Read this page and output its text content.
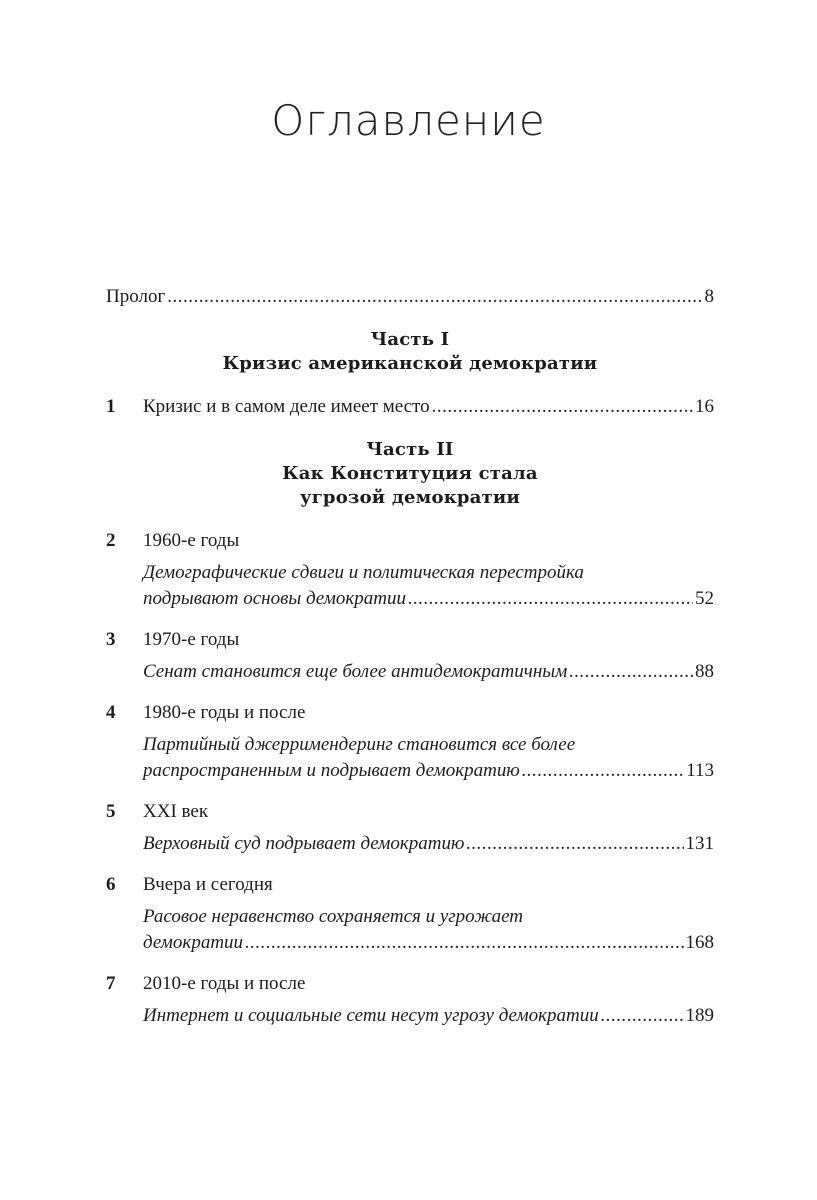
Оглавление
Пролог .....	8
Часть I
Кризис американской демократии
1	Кризис и в самом деле имеет место .....	16
Часть II
Как Конституция стала
угрозой демократии
2	1960-е годы
Демографические сдвиги и политическая перестройка
подрывают основы демократии .....	52
3	1970-е годы
Сенат становится еще более антидемократичным .....	88
4	1980-е годы и после
Партийный джерримендеринг становится все более
распространенным и подрывает демократию .....	113
5	XXI век
Верховный суд подрывает демократию .....	131
6	Вчера и сегодня
Расовое неравенство сохраняется и угрожает
демократии .....	168
7	2010-е годы и после
Интернет и социальные сети несут угрозу демократии .....	189
